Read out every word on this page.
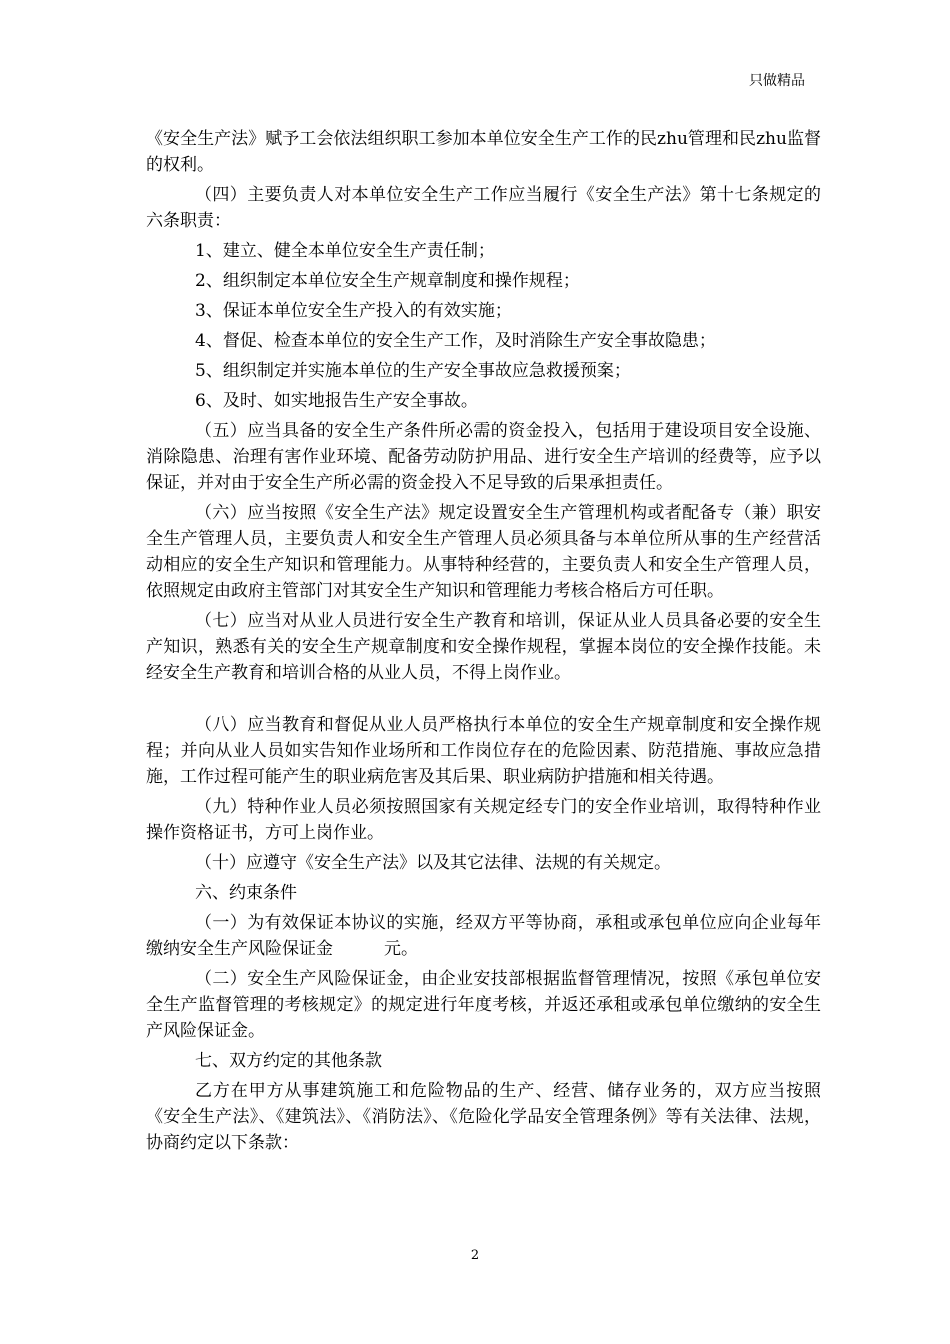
只做精品

《安全生产法》赋予工会依法组织职工参加本单位安全生产工作的民zhu管理和民zhu监督的权利。

（四）主要负责人对本单位安全生产工作应当履行《安全生产法》第十七条规定的六条职责：

1、建立、健全本单位安全生产责任制；

2、组织制定本单位安全生产规章制度和操作规程；

3、保证本单位安全生产投入的有效实施；

4、督促、检查本单位的安全生产工作，及时消除生产安全事故隐患；

5、组织制定并实施本单位的生产安全事故应急救援预案；

6、及时、如实地报告生产安全事故。

（五）应当具备的安全生产条件所必需的资金投入，包括用于建设项目安全设施、消除隐患、治理有害作业环境、配备劳动防护用品、进行安全生产培训的经费等，应予以保证，并对由于安全生产所必需的资金投入不足导致的后果承担责任。

（六）应当按照《安全生产法》规定设置安全生产管理机构或者配备专（兼）职安全生产管理人员，主要负责人和安全生产管理人员必须具备与本单位所从事的生产经营活动相应的安全生产知识和管理能力。从事特种经营的，主要负责人和安全生产管理人员，依照规定由政府主管部门对其安全生产知识和管理能力考核合格后方可任职。

（七）应当对从业人员进行安全生产教育和培训，保证从业人员具备必要的安全生产知识，熟悉有关的安全生产规章制度和安全操作规程，掌握本岗位的安全操作技能。未经安全生产教育和培训合格的从业人员，不得上岗作业。

（八）应当教育和督促从业人员严格执行本单位的安全生产规章制度和安全操作规程；并向从业人员如实告知作业场所和工作岗位存在的危险因素、防范措施、事故应急措施，工作过程可能产生的职业病危害及其后果、职业病防护措施和相关待遇。

（九）特种作业人员必须按照国家有关规定经专门的安全作业培训，取得特种作业操作资格证书，方可上岗作业。

（十）应遵守《安全生产法》以及其它法律、法规的有关规定。

六、约束条件

（一）为有效保证本协议的实施，经双方平等协商，承租或承包单位应向企业每年缴纳安全生产风险保证金　　　元。

（二）安全生产风险保证金，由企业安技部根据监督管理情况，按照《承包单位安全生产监督管理的考核规定》的规定进行年度考核，并返还承租或承包单位缴纳的安全生产风险保证金。

七、双方约定的其他条款

乙方在甲方从事建筑施工和危险物品的生产、经营、储存业务的，双方应当按照《安全生产法》、《建筑法》、《消防法》、《危险化学品安全管理条例》等有关法律、法规，协商约定以下条款：

2
